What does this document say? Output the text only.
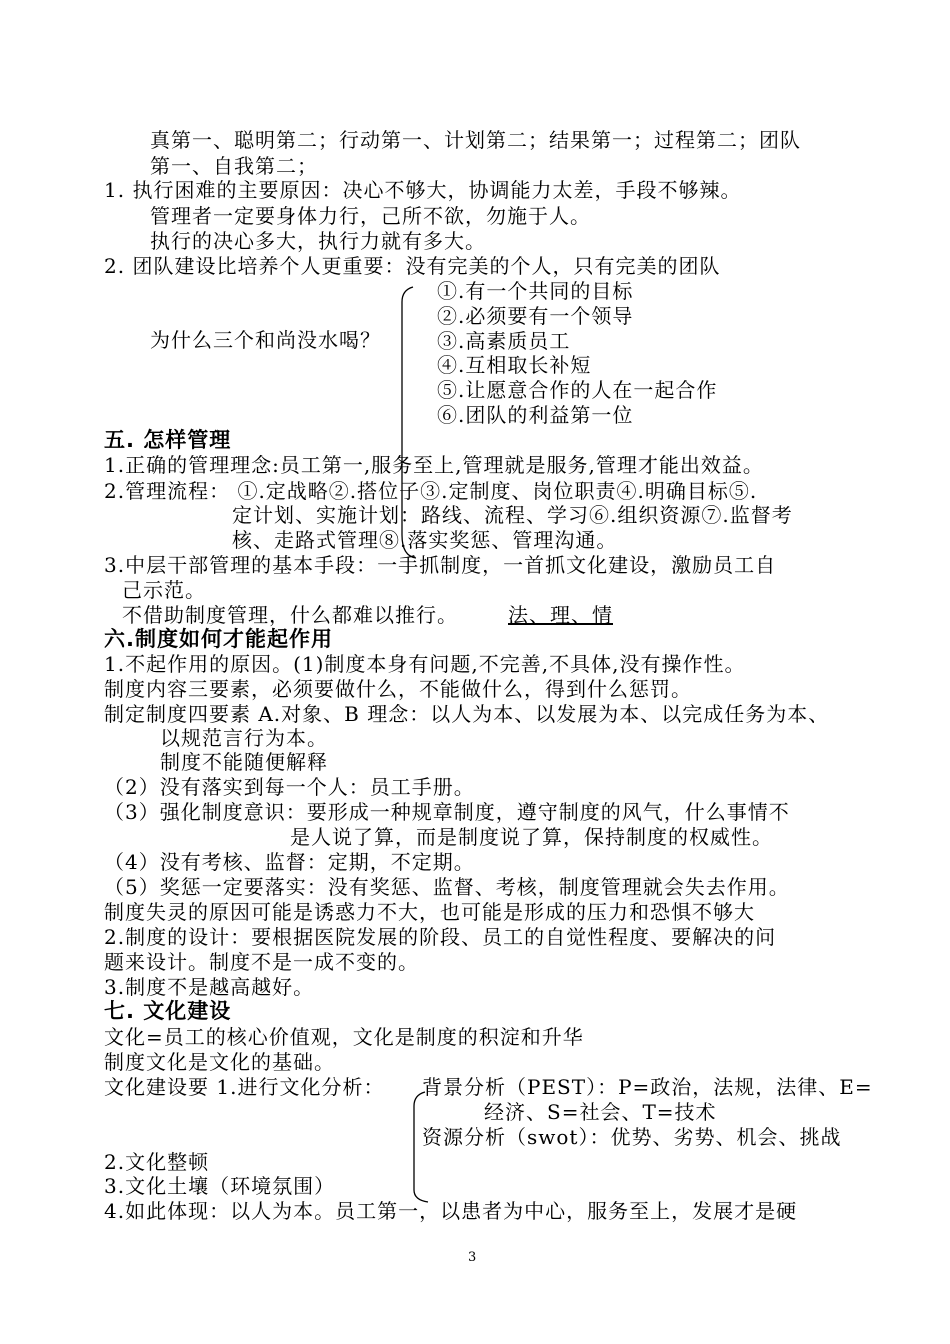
真第一、聪明第二；行动第一、计划第二；结果第一；过程第二；团队
第一、自我第二；
1. 执行困难的主要原因：决心不够大，协调能力太差，手段不够辣。
管理者一定要身体力行，己所不欲，勿施于人。
执行的决心多大，执行力就有多大。
2. 团队建设比培养个人更重要：没有完美的个人，只有完美的团队
①.有一个共同的目标
②.必须要有一个领导
为什么三个和尚没水喝？	③.高素质员工
④.互相取长补短
⑤.让愿意合作的人在一起合作
⑥.团队的利益第一位
五. 怎样管理
1.正确的管理理念:员工第一,服务至上,管理就是服务,管理才能出效益。
2.管理流程： ①.定战略②.搭位子③.定制度、岗位职责④.明确目标⑤.
定计划、实施计划：路线、流程、学习⑥.组织资源⑦.监督考
核、走路式管理⑧.落实奖惩、管理沟通。
3.中层干部管理的基本手段：一手抓制度，一首抓文化建设，激励员工自
己示范。
不借助制度管理，什么都难以推行。	法、理、情
六.制度如何才能起作用
1.不起作用的原因。(1)制度本身有问题,不完善,不具体,没有操作性。
制度内容三要素，必须要做什么，不能做什么，得到什么惩罚。
制定制度四要素 A.对象、B 理念：以人为本、以发展为本、以完成任务为本、
以规范言行为本。
制度不能随便解释
（2）没有落实到每一个人：员工手册。
（3）强化制度意识：要形成一种规章制度，遵守制度的风气，什么事情不
是人说了算，而是制度说了算，保持制度的权威性。
（4）没有考核、监督：定期，不定期。
（5）奖惩一定要落实：没有奖惩、监督、考核，制度管理就会失去作用。
制度失灵的原因可能是诱惑力不大，也可能是形成的压力和恐惧不够大
2.制度的设计：要根据医院发展的阶段、员工的自觉性程度、要解决的问
题来设计。制度不是一成不变的。
3.制度不是越高越好。
七. 文化建设
文化=员工的核心价值观，文化是制度的积淀和升华
制度文化是文化的基础。
文化建设要 1.进行文化分析： 背景分析（PEST）：P=政治，法规，法律、E=
经济、S=社会、T=技术
资源分析（swot）：优势、劣势、机会、挑战
2.文化整顿
3.文化土壤（环境氛围）
4.如此体现：以人为本。员工第一，以患者为中心，服务至上，发展才是硬
3
